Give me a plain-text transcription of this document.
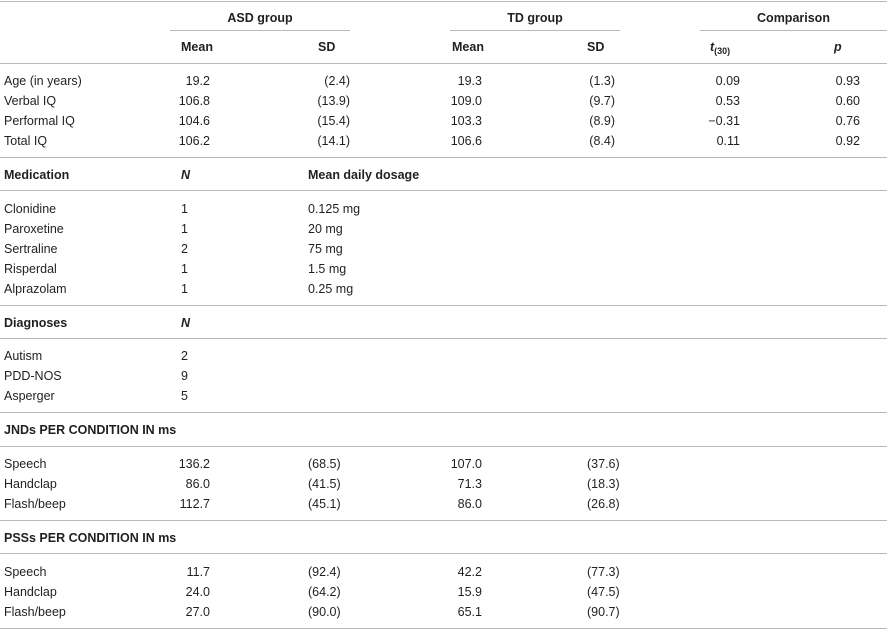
ASD group	TD group	Comparison
Mean	SD	Mean	SD	$t_{(30)}$	p
Age (in years)	19.2	(2.4)	19.3	(1.3)	0.09	0.93
Verbal IQ	106.8	(13.9)	109.0	(9.7)	0.53	0.60
Performal IQ	104.6	(15.4)	103.3	(8.9)	−0.31	0.76
Total IQ	106.2	(14.1)	106.6	(8.4)	0.11	0.92
Medication	N	Mean daily dosage
Clonidine	1	0.125 mg
Paroxetine	1	20 mg
Sertraline	2	75 mg
Risperdal	1	1.5 mg
Alprazolam	1	0.25 mg
Diagnoses	N
Autism	2
PDD-NOS	9
Asperger	5
JNDs PER CONDITION IN ms
Speech	136.2	(68.5)	107.0	(37.6)
Handclap	86.0	(41.5)	71.3	(18.3)
Flash/beep	112.7	(45.1)	86.0	(26.8)
PSSs PER CONDITION IN ms
Speech	11.7	(92.4)	42.2	(77.3)
Handclap	24.0	(64.2)	15.9	(47.5)
Flash/beep	27.0	(90.0)	65.1	(90.7)
